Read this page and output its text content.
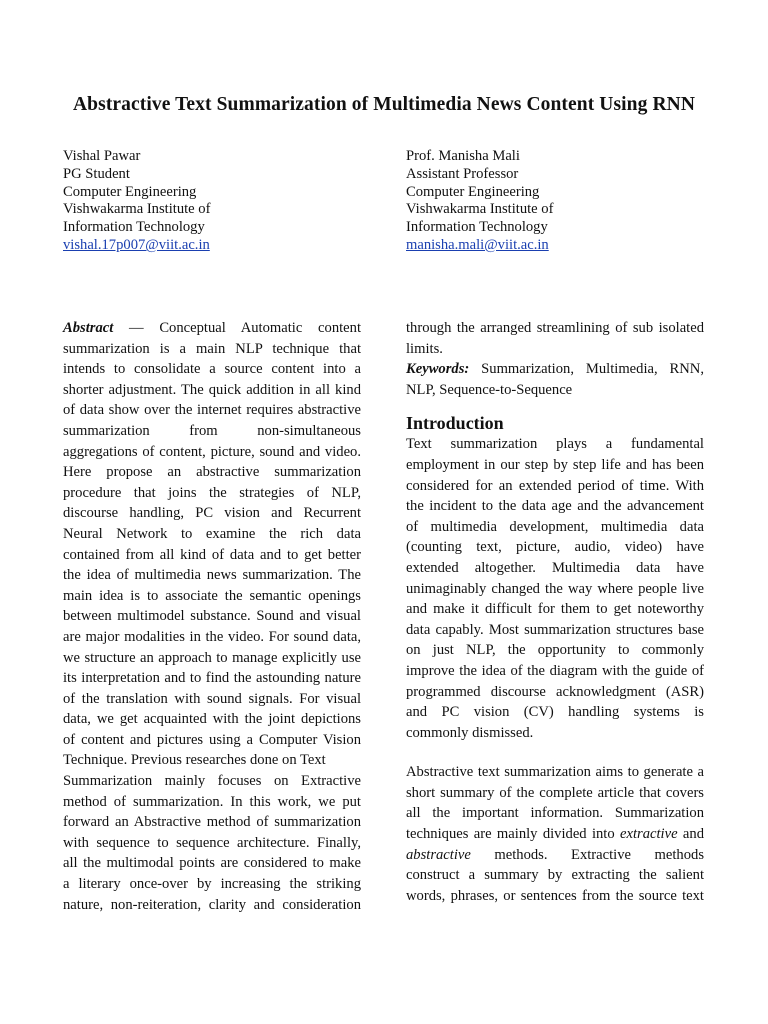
Abstractive Text Summarization of Multimedia News Content Using RNN
Vishal Pawar
PG Student
Computer Engineering
Vishwakarma Institute of
Information Technology
vishal.17p007@viit.ac.in
Prof. Manisha Mali
Assistant Professor
Computer Engineering
Vishwakarma Institute of
Information Technology
manisha.mali@viit.ac.in

Abstract — Conceptual Automatic content

summarization is a main NLP technique that

intends to consolidate a source content into a

shorter adjustment. The quick addition in all kind

of data show over the internet requires abstractive

summarization from non-simultaneous

aggregations of content, picture, sound and video.

Here propose an abstractive summarization

procedure that joins the strategies of NLP,

discourse handling, PC vision and Recurrent

Neural Network to examine the rich data

contained from all kind of data and to get better

the idea of multimedia news summarization. The

main idea is to associate the semantic openings

between multimodel substance. Sound and visual

are major modalities in the video. For sound data,

we structure an approach to manage explicitly use

its interpretation and to find the astounding nature

of the translation with sound signals. For visual

data, we get acquainted with the joint depictions

of content and pictures using a Computer Vision

Technique. Previous researches done on Text

Summarization mainly focuses on Extractive

method of summarization. In this work, we put

forward an Abstractive method of summarization

with sequence to sequence architecture. Finally,

all the multimodal points are considered to make

a literary once-over by increasing the striking

nature, non-reiteration, clarity and consideration

through the arranged streamlining of sub isolated

limits.

Keywords: Summarization, Multimedia, RNN,

NLP, Sequence-to-Sequence

Introduction

Text summarization plays a fundamental

employment in our step by step life and has been

considered for an extended period of time. With

the incident to the data age and the advancement

of multimedia development, multimedia data

(counting text, picture, audio, video) have

extended altogether. Multimedia data have

unimaginably changed the way where people live

and make it difficult for them to get noteworthy

data capably. Most summarization structures base

on just NLP, the opportunity to commonly

improve the idea of the diagram with the guide of

programmed discourse acknowledgment (ASR)

and PC vision (CV) handling systems is

commonly dismissed.

Abstractive text summarization aims to generate a

short summary of the complete article that covers

all the important information. Summarization

techniques are mainly divided into extractive and

abstractive methods. Extractive methods

construct a summary by extracting the salient

words, phrases, or sentences from the source text
